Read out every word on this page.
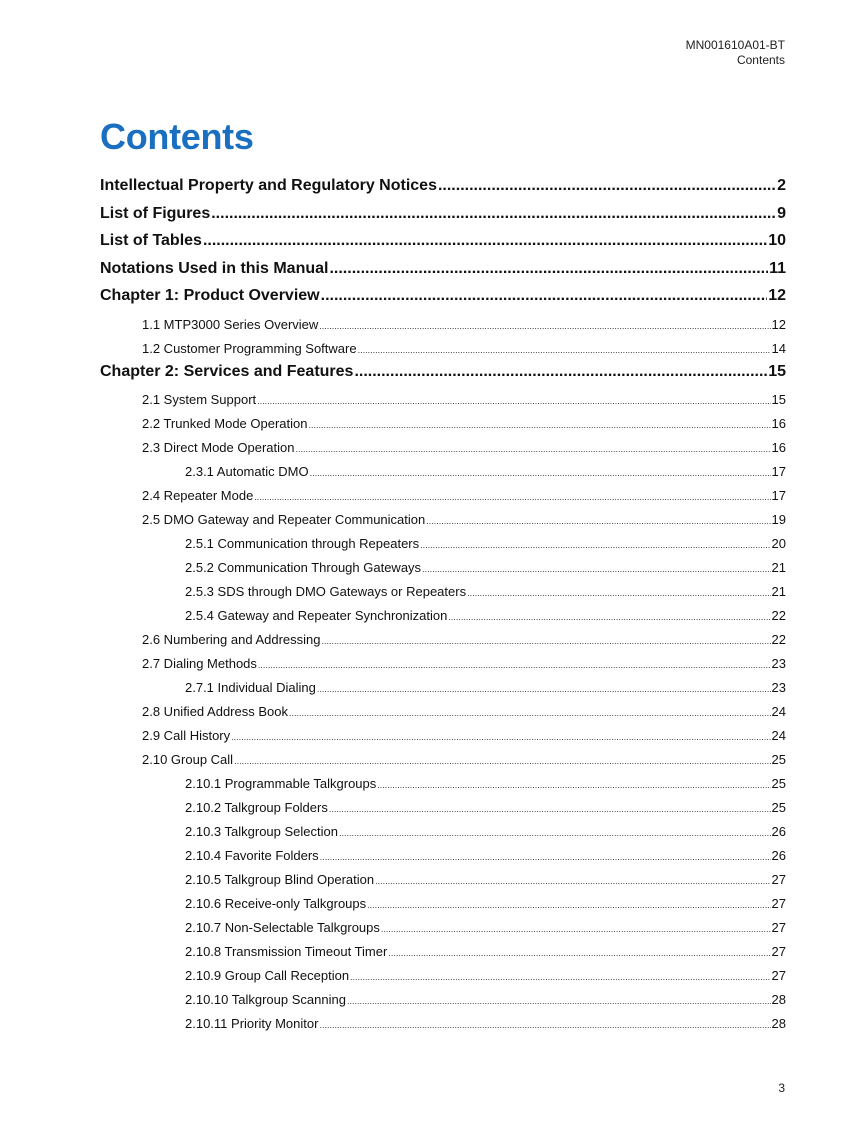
MN001610A01-BT
Contents
Contents
Intellectual Property and Regulatory Notices .....	2
List of Figures .....	9
List of Tables .....	10
Notations Used in this Manual .....	11
Chapter 1: Product Overview .....	12
1.1 MTP3000 Series Overview .....	12
1.2 Customer Programming Software .....	14
Chapter 2: Services and Features .....	15
2.1 System Support .....	15
2.2 Trunked Mode Operation .....	16
2.3 Direct Mode Operation .....	16
2.3.1 Automatic DMO .....	17
2.4 Repeater Mode .....	17
2.5 DMO Gateway and Repeater Communication .....	19
2.5.1 Communication through Repeaters .....	20
2.5.2 Communication Through Gateways .....	21
2.5.3 SDS through DMO Gateways or Repeaters .....	21
2.5.4 Gateway and Repeater Synchronization .....	22
2.6 Numbering and Addressing .....	22
2.7 Dialing Methods .....	23
2.7.1 Individual Dialing .....	23
2.8 Unified Address Book .....	24
2.9 Call History .....	24
2.10 Group Call .....	25
2.10.1 Programmable Talkgroups .....	25
2.10.2 Talkgroup Folders .....	25
2.10.3 Talkgroup Selection .....	26
2.10.4 Favorite Folders .....	26
2.10.5 Talkgroup Blind Operation .....	27
2.10.6 Receive-only Talkgroups .....	27
2.10.7 Non-Selectable Talkgroups .....	27
2.10.8 Transmission Timeout Timer .....	27
2.10.9 Group Call Reception .....	27
2.10.10 Talkgroup Scanning .....	28
2.10.11 Priority Monitor .....	28
3
